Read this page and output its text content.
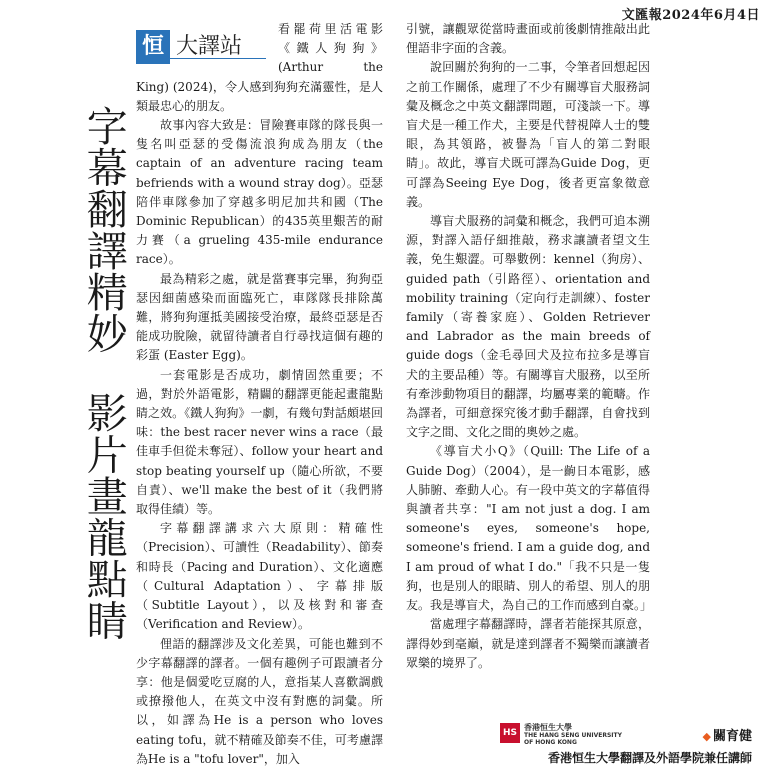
文匯報2024年6月4日
字幕翻譯精妙
影片畫龍點睛
恒 大譯站

看罷荷里活電影《鐵人狗狗》(Arthur the King) (2024)，令人感到狗狗充滿靈性，是人類最忠心的朋友。

故事內容大致是：冒險賽車隊的隊長與一隻名叫亞瑟的受傷流浪狗成為朋友（the captain of an adventure racing team befriends with a wound stray dog）。亞瑟陪伴車隊參加了穿越多明尼加共和國（The Dominic Republican）的435英里艱苦的耐力賽（a grueling 435-mile endurance race）。

最為精彩之處，就是當賽事完畢，狗狗亞瑟因細菌感染而面臨死亡，車隊隊長排除萬難，將狗狗運抵美國接受治療，最終亞瑟是否能成功脫險，就留待讀者自行尋找這個有趣的彩蛋 (Easter Egg)。

一套電影是否成功，劇情固然重要；不過，對於外語電影，精闢的翻譯更能起畫龍點睛之效。《鐵人狗狗》一劇，有幾句對話頗堪回味：the best racer never wins a race（最佳車手但從未奪冠）、follow your heart and stop beating yourself up（隨心所欲，不要自責）、we'll make the best of it（我們將取得佳績）等。

字幕翻譯講求六大原則：精確性（Precision）、可讀性（Readability）、節奏和時長（Pacing and Duration）、文化適應（Cultural Adaptation）、字幕排版（Subtitle Layout），以及核對和審查（Verification and Review）。

俚語的翻譯涉及文化差異，可能也難到不少字幕翻譯的譯者。一個有趣例子可跟讀者分享：他是個愛吃豆腐的人，意指某人喜歡調戲或撩撥他人，在英文中沒有對應的詞彙。所以，如譯為He is a person who loves eating tofu，就不精確及節奏不佳，可考慮譯為He is a "tofu lover"，加入

引號，讓觀眾從當時畫面或前後劇情推敲出此俚語非字面的含義。

說回關於狗狗的一二事，令筆者回想起因之前工作關係，處理了不少有關導盲犬服務詞彙及概念之中英文翻譯問題，可淺談一下。導盲犬是一種工作犬，主要是代替視障人士的雙眼，為其領路，被譽為「盲人的第二對眼睛」。故此，導盲犬既可譯為Guide Dog，更可譯為Seeing Eye Dog，後者更富象徵意義。

導盲犬服務的詞彙和概念，我們可追本溯源，對譯入語仔細推敲，務求讓讀者望文生義，免生艱澀。可舉數例：kennel（狗房）、guided path（引路徑）、orientation and mobility training（定向行走訓練）、foster family（寄養家庭）、Golden Retriever and Labrador as the main breeds of guide dogs（金毛尋回犬及拉布拉多是導盲犬的主要品種）等。有關導盲犬服務，以至所有牽涉動物項目的翻譯，均屬專業的範疇。作為譯者，可細意探究後才動手翻譯，自會找到文字之間、文化之間的奧妙之處。

《導盲犬小Q》（Quill: The Life of a Guide Dog）（2004），是一齣日本電影，感人肺腑、牽動人心。有一段中英文的字幕值得與讀者共享："I am not just a dog. I am someone's eyes, someone's hope, someone's friend. I am a guide dog, and I am proud of what I do."「我不只是一隻狗，也是別人的眼睛、別人的希望、別人的朋友。我是導盲犬，為自己的工作而感到自豪。」

當處理字幕翻譯時，譯者若能探其原意，譯得妙到毫巔，就是達到譯者不獨樂而讓讀者眾樂的境界了。

HS
香港恒生大學
THE HANG SENG UNIVERSITY
OF HONG KONG	◆ 關育健
香港恒生大學翻譯及外語學院兼任講師
